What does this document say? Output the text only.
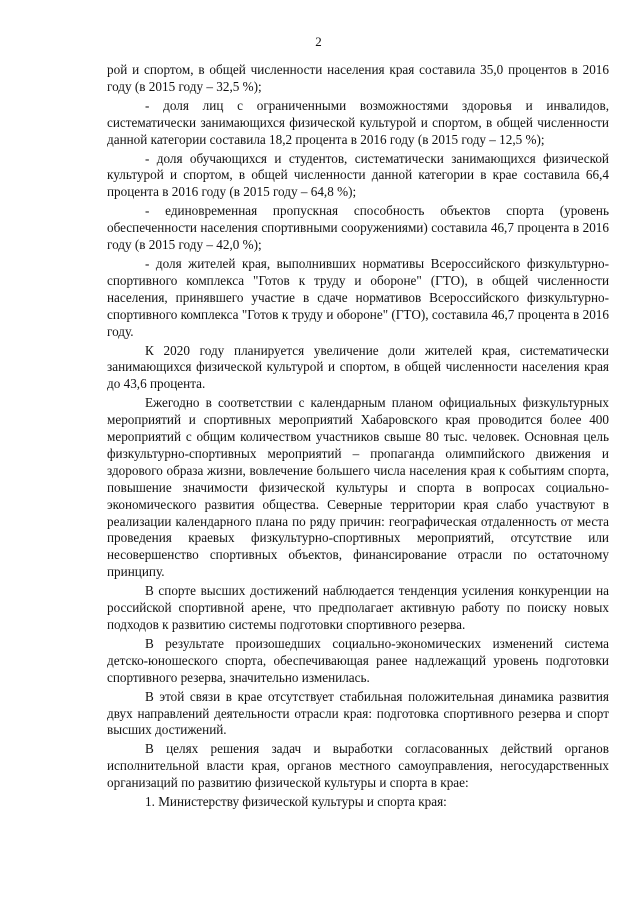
2

рой и спортом, в общей численности населения края составила 35,0 процентов в 2016 году (в 2015 году – 32,5 %);

- доля лиц с ограниченными возможностями здоровья и инвалидов, систематически занимающихся физической культурой и спортом, в общей численности данной категории составила 18,2 процента в 2016 году (в 2015 году – 12,5 %);

- доля обучающихся и студентов, систематически занимающихся физической культурой и спортом, в общей численности данной категории в крае составила 66,4 процента в 2016 году (в 2015 году – 64,8 %);

- единовременная пропускная способность объектов спорта (уровень обеспеченности населения спортивными сооружениями) составила 46,7 процента в 2016 году (в 2015 году – 42,0 %);

- доля жителей края, выполнивших нормативы Всероссийского физкультурно-спортивного комплекса "Готов к труду и обороне" (ГТО), в общей численности населения, принявшего участие в сдаче нормативов Всероссийского физкультурно-спортивного комплекса "Готов к труду и обороне" (ГТО), составила 46,7 процента в 2016 году.

К 2020 году планируется увеличение доли жителей края, систематически занимающихся физической культурой и спортом, в общей численности населения края до 43,6 процента.

Ежегодно в соответствии с календарным планом официальных физкультурных мероприятий и спортивных мероприятий Хабаровского края проводится более 400 мероприятий с общим количеством участников свыше 80 тыс. человек. Основная цель физкультурно-спортивных мероприятий – пропаганда олимпийского движения и здорового образа жизни, вовлечение большего числа населения края к событиям спорта, повышение значимости физической культуры и спорта в вопросах социально-экономического развития общества. Северные территории края слабо участвуют в реализации календарного плана по ряду причин: географическая отдаленность от места проведения краевых физкультурно-спортивных мероприятий, отсутствие или несовершенство спортивных объектов, финансирование отрасли по остаточному принципу.

В спорте высших достижений наблюдается тенденция усиления конкуренции на российской спортивной арене, что предполагает активную работу по поиску новых подходов к развитию системы подготовки спортивного резерва.

В результате произошедших социально-экономических изменений система детско-юношеского спорта, обеспечивающая ранее надлежащий уровень подготовки спортивного резерва, значительно изменилась.

В этой связи в крае отсутствует стабильная положительная динамика развития двух направлений деятельности отрасли края: подготовка спортивного резерва и спорт высших достижений.

В целях решения задач и выработки согласованных действий органов исполнительной власти края, органов местного самоуправления, негосударственных организаций по развитию физической культуры и спорта в крае:

1. Министерству физической культуры и спорта края:
